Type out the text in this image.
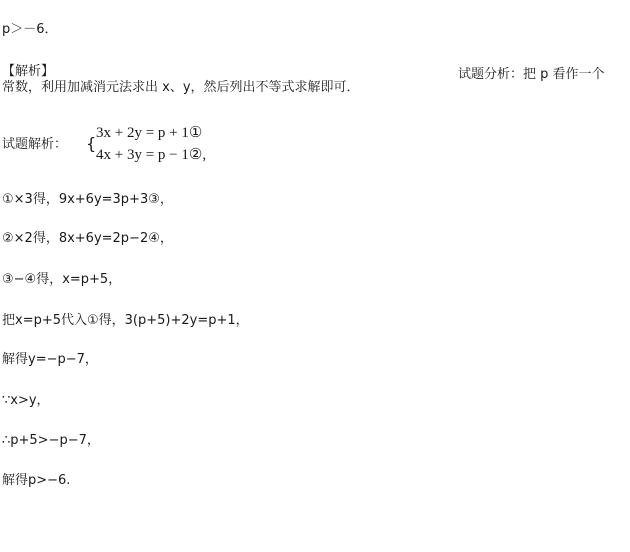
p＞－6．
【解析】	试题分析：把 p 看作一个
常数，利用加减消元法求出 x、y，然后列出不等式求解即可．
试题解析： {
3x + 2y = p + 1①
4x + 3y = p − 1②,
①×3得，9x+6y=3p+3③，
②×2得，8x+6y=2p−2④，
③−④得，x=p+5，
把x=p+5代入①得，3(p+5)+2y=p+1，
解得y=−p−7，
∵x>y，
∴p+5>−p−7，
解得p>−6.
